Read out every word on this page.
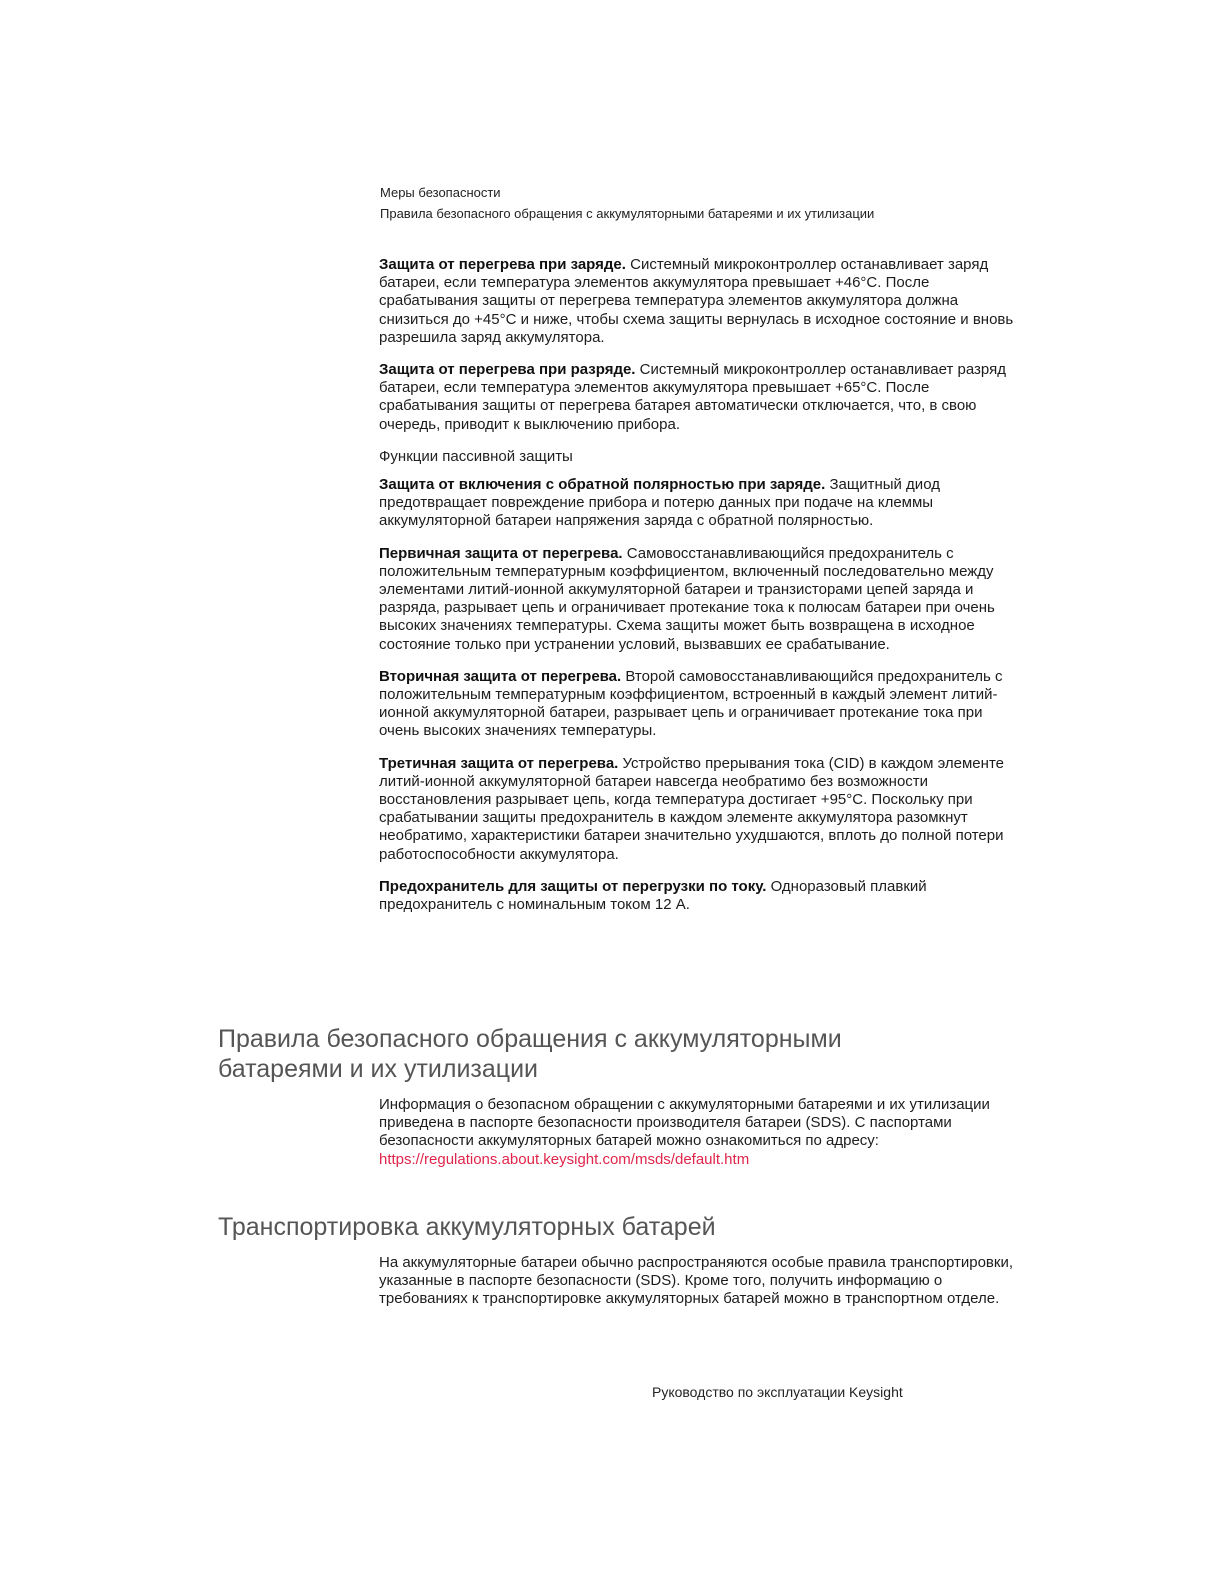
Меры безопасности
Правила безопасного обращения с аккумуляторными батареями и их утилизации

Защита от перегрева при заряде. Системный микроконтроллер останавливает заряд батареи, если температура элементов аккумулятора превышает +46°C. После срабатывания защиты от перегрева температура элементов аккумулятора должна снизиться до +45°C и ниже, чтобы схема защиты вернулась в исходное состояние и вновь разрешила заряд аккумулятора.

Защита от перегрева при разряде. Системный микроконтроллер останавливает разряд батареи, если температура элементов аккумулятора превышает +65°C. После срабатывания защиты от перегрева батарея автоматически отключается, что, в свою очередь, приводит к выключению прибора.

Функции пассивной защиты

Защита от включения с обратной полярностью при заряде. Защитный диод предотвращает повреждение прибора и потерю данных при подаче на клеммы аккумуляторной батареи напряжения заряда с обратной полярностью.

Первичная защита от перегрева. Самовосстанавливающийся предохранитель с положительным температурным коэффициентом, включенный последовательно между элементами литий-ионной аккумуляторной батареи и транзисторами цепей заряда и разряда, разрывает цепь и ограничивает протекание тока к полюсам батареи при очень высоких значениях температуры. Схема защиты может быть возвращена в исходное состояние только при устранении условий, вызвавших ее срабатывание.

Вторичная защита от перегрева. Второй самовосстанавливающийся предохранитель с положительным температурным коэффициентом, встроенный в каждый элемент литий-ионной аккумуляторной батареи, разрывает цепь и ограничивает протекание тока при очень высоких значениях температуры.

Третичная защита от перегрева. Устройство прерывания тока (CID) в каждом элементе литий-ионной аккумуляторной батареи навсегда необратимо без возможности восстановления разрывает цепь, когда температура достигает +95°C. Поскольку при срабатывании защиты предохранитель в каждом элементе аккумулятора разомкнут необратимо, характеристики батареи значительно ухудшаются, вплоть до полной потери работоспособности аккумулятора.

Предохранитель для защиты от перегрузки по току. Одноразовый плавкий предохранитель с номинальным током 12 А.

Правила безопасного обращения с аккумуляторными
батареями и их утилизации

Информация о безопасном обращении с аккумуляторными батареями и их утилизации приведена в паспорте безопасности производителя батареи (SDS). С паспортами безопасности аккумуляторных батарей можно ознакомиться по адресу: https://regulations.about.keysight.com/msds/default.htm

Транспортировка аккумуляторных батарей

На аккумуляторные батареи обычно распространяются особые правила транспортировки, указанные в паспорте безопасности (SDS). Кроме того, получить информацию о требованиях к транспортировке аккумуляторных батарей можно в транспортном отделе.

Руководство по эксплуатации Keysight
